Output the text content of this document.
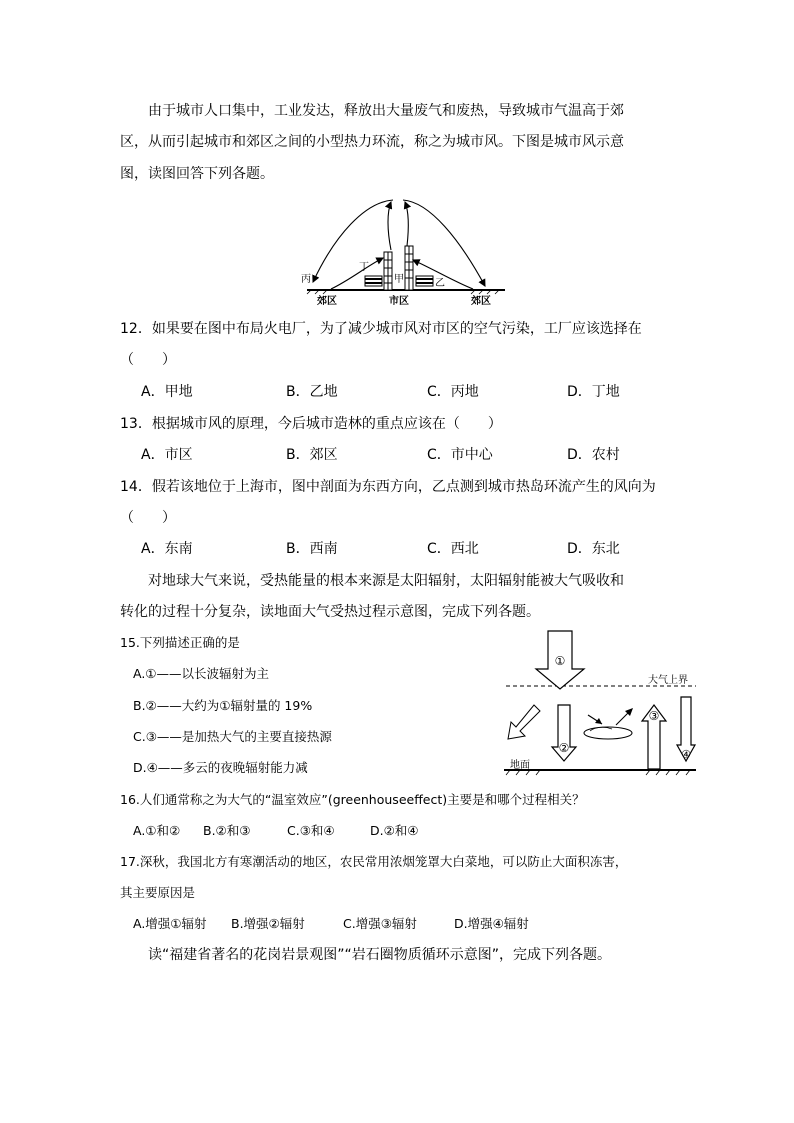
由于城市人口集中，工业发达，释放出大量废气和废热，导致城市气温高于郊
区，从而引起城市和郊区之间的小型热力环流，称之为城市风。下图是城市风示意
图，读图回答下列各题。
丙
丁
甲	乙
郊区	市区	郊区
12．如果要在图中布局火电厂，为了减少城市风对市区的空气污染，工厂应该选择在
（　　）
A．甲地	B．乙地	C．丙地	D．丁地
13．根据城市风的原理，今后城市造林的重点应该在（　　）
A．市区	B．郊区	C．市中心	D．农村
14．假若该地位于上海市，图中剖面为东西方向，乙点测到城市热岛环流产生的风向为
（　　）
A．东南	B．西南	C．西北	D．东北
对地球大气来说，受热能量的根本来源是太阳辐射，太阳辐射能被大气吸收和
转化的过程十分复杂，读地面大气受热过程示意图，完成下列各题。
15.下列描述正确的是
A.①——以长波辐射为主
B.②——大约为①辐射量的 19%
C.③——是加热大气的主要直接热源
D.④——多云的夜晚辐射能力减
大气上界
地面
①
②
③
④
16.人们通常称之为大气的“温室效应”(greenhouseeffect)主要是和哪个过程相关？
A.①和② B.②和③	C.③和④	D.②和④
17.深秋，我国北方有寒潮活动的地区，农民常用浓烟笼罩大白菜地，可以防止大面积冻害，
其主要原因是
A.增强①辐射 B.增强②辐射	C.增强③辐射	D.增强④辐射
读“福建省著名的花岗岩景观图”“岩石圈物质循环示意图”，完成下列各题。
